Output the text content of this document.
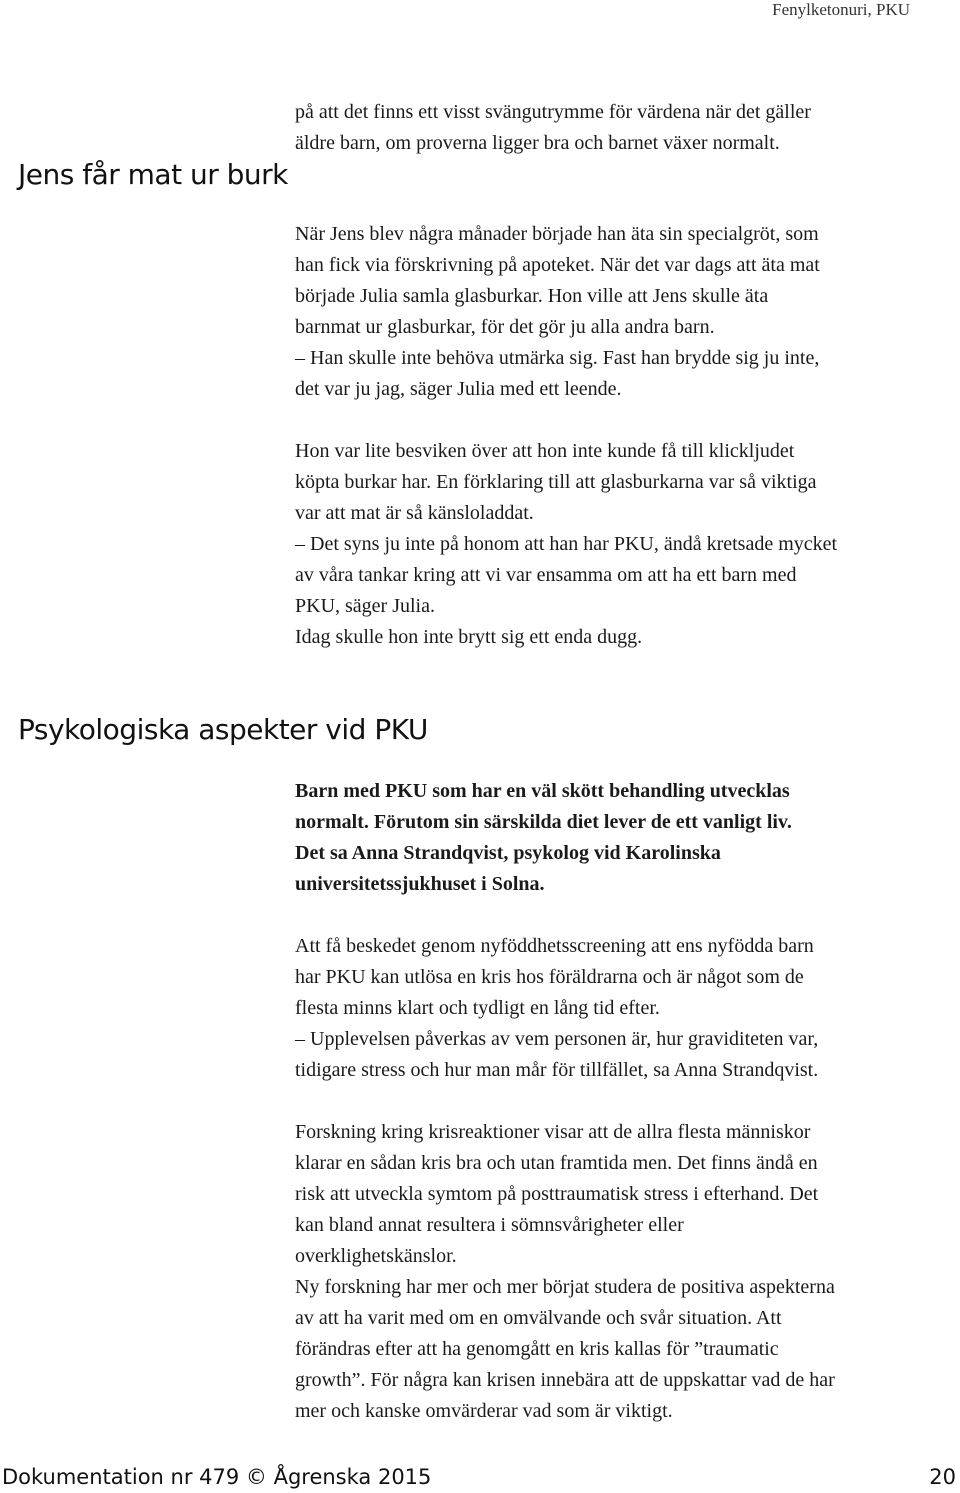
Fenylketonuri, PKU
Jens får mat ur burk

på att det finns ett visst svängutrymme för värdena när det gäller
äldre barn, om proverna ligger bra och barnet växer normalt.

När Jens blev några månader började han äta sin specialgröt, som
han fick via förskrivning på apoteket. När det var dags att äta mat
började Julia samla glasburkar. Hon ville att Jens skulle äta
barnmat ur glasburkar, för det gör ju alla andra barn.
– Han skulle inte behöva utmärka sig. Fast han brydde sig ju inte,
det var ju jag, säger Julia med ett leende.

Hon var lite besviken över att hon inte kunde få till klickljudet
köpta burkar har. En förklaring till att glasburkarna var så viktiga
var att mat är så känsloladdat.
– Det syns ju inte på honom att han har PKU, ändå kretsade mycket
av våra tankar kring att vi var ensamma om att ha ett barn med
PKU, säger Julia.
Idag skulle hon inte brytt sig ett enda dugg.

Psykologiska aspekter vid PKU

Barn med PKU som har en väl skött behandling utvecklas
normalt. Förutom sin särskilda diet lever de ett vanligt liv.
Det sa Anna Strandqvist, psykolog vid Karolinska
universitetssjukhuset i Solna.

Att få beskedet genom nyföddhetsscreening att ens nyfödda barn
har PKU kan utlösa en kris hos föräldrarna och är något som de
flesta minns klart och tydligt en lång tid efter.
– Upplevelsen påverkas av vem personen är, hur graviditeten var,
tidigare stress och hur man mår för tillfället, sa Anna Strandqvist.

Forskning kring krisreaktioner visar att de allra flesta människor
klarar en sådan kris bra och utan framtida men. Det finns ändå en
risk att utveckla symtom på posttraumatisk stress i efterhand. Det
kan bland annat resultera i sömnsvårigheter eller
overklighetskänslor.
Ny forskning har mer och mer börjat studera de positiva aspekterna
av att ha varit med om en omvälvande och svår situation. Att
förändras efter att ha genomgått en kris kallas för ”traumatic
growth”. För några kan krisen innebära att de uppskattar vad de har
mer och kanske omvärderar vad som är viktigt.

Dokumentation nr 479 © Ågrenska 2015	20
